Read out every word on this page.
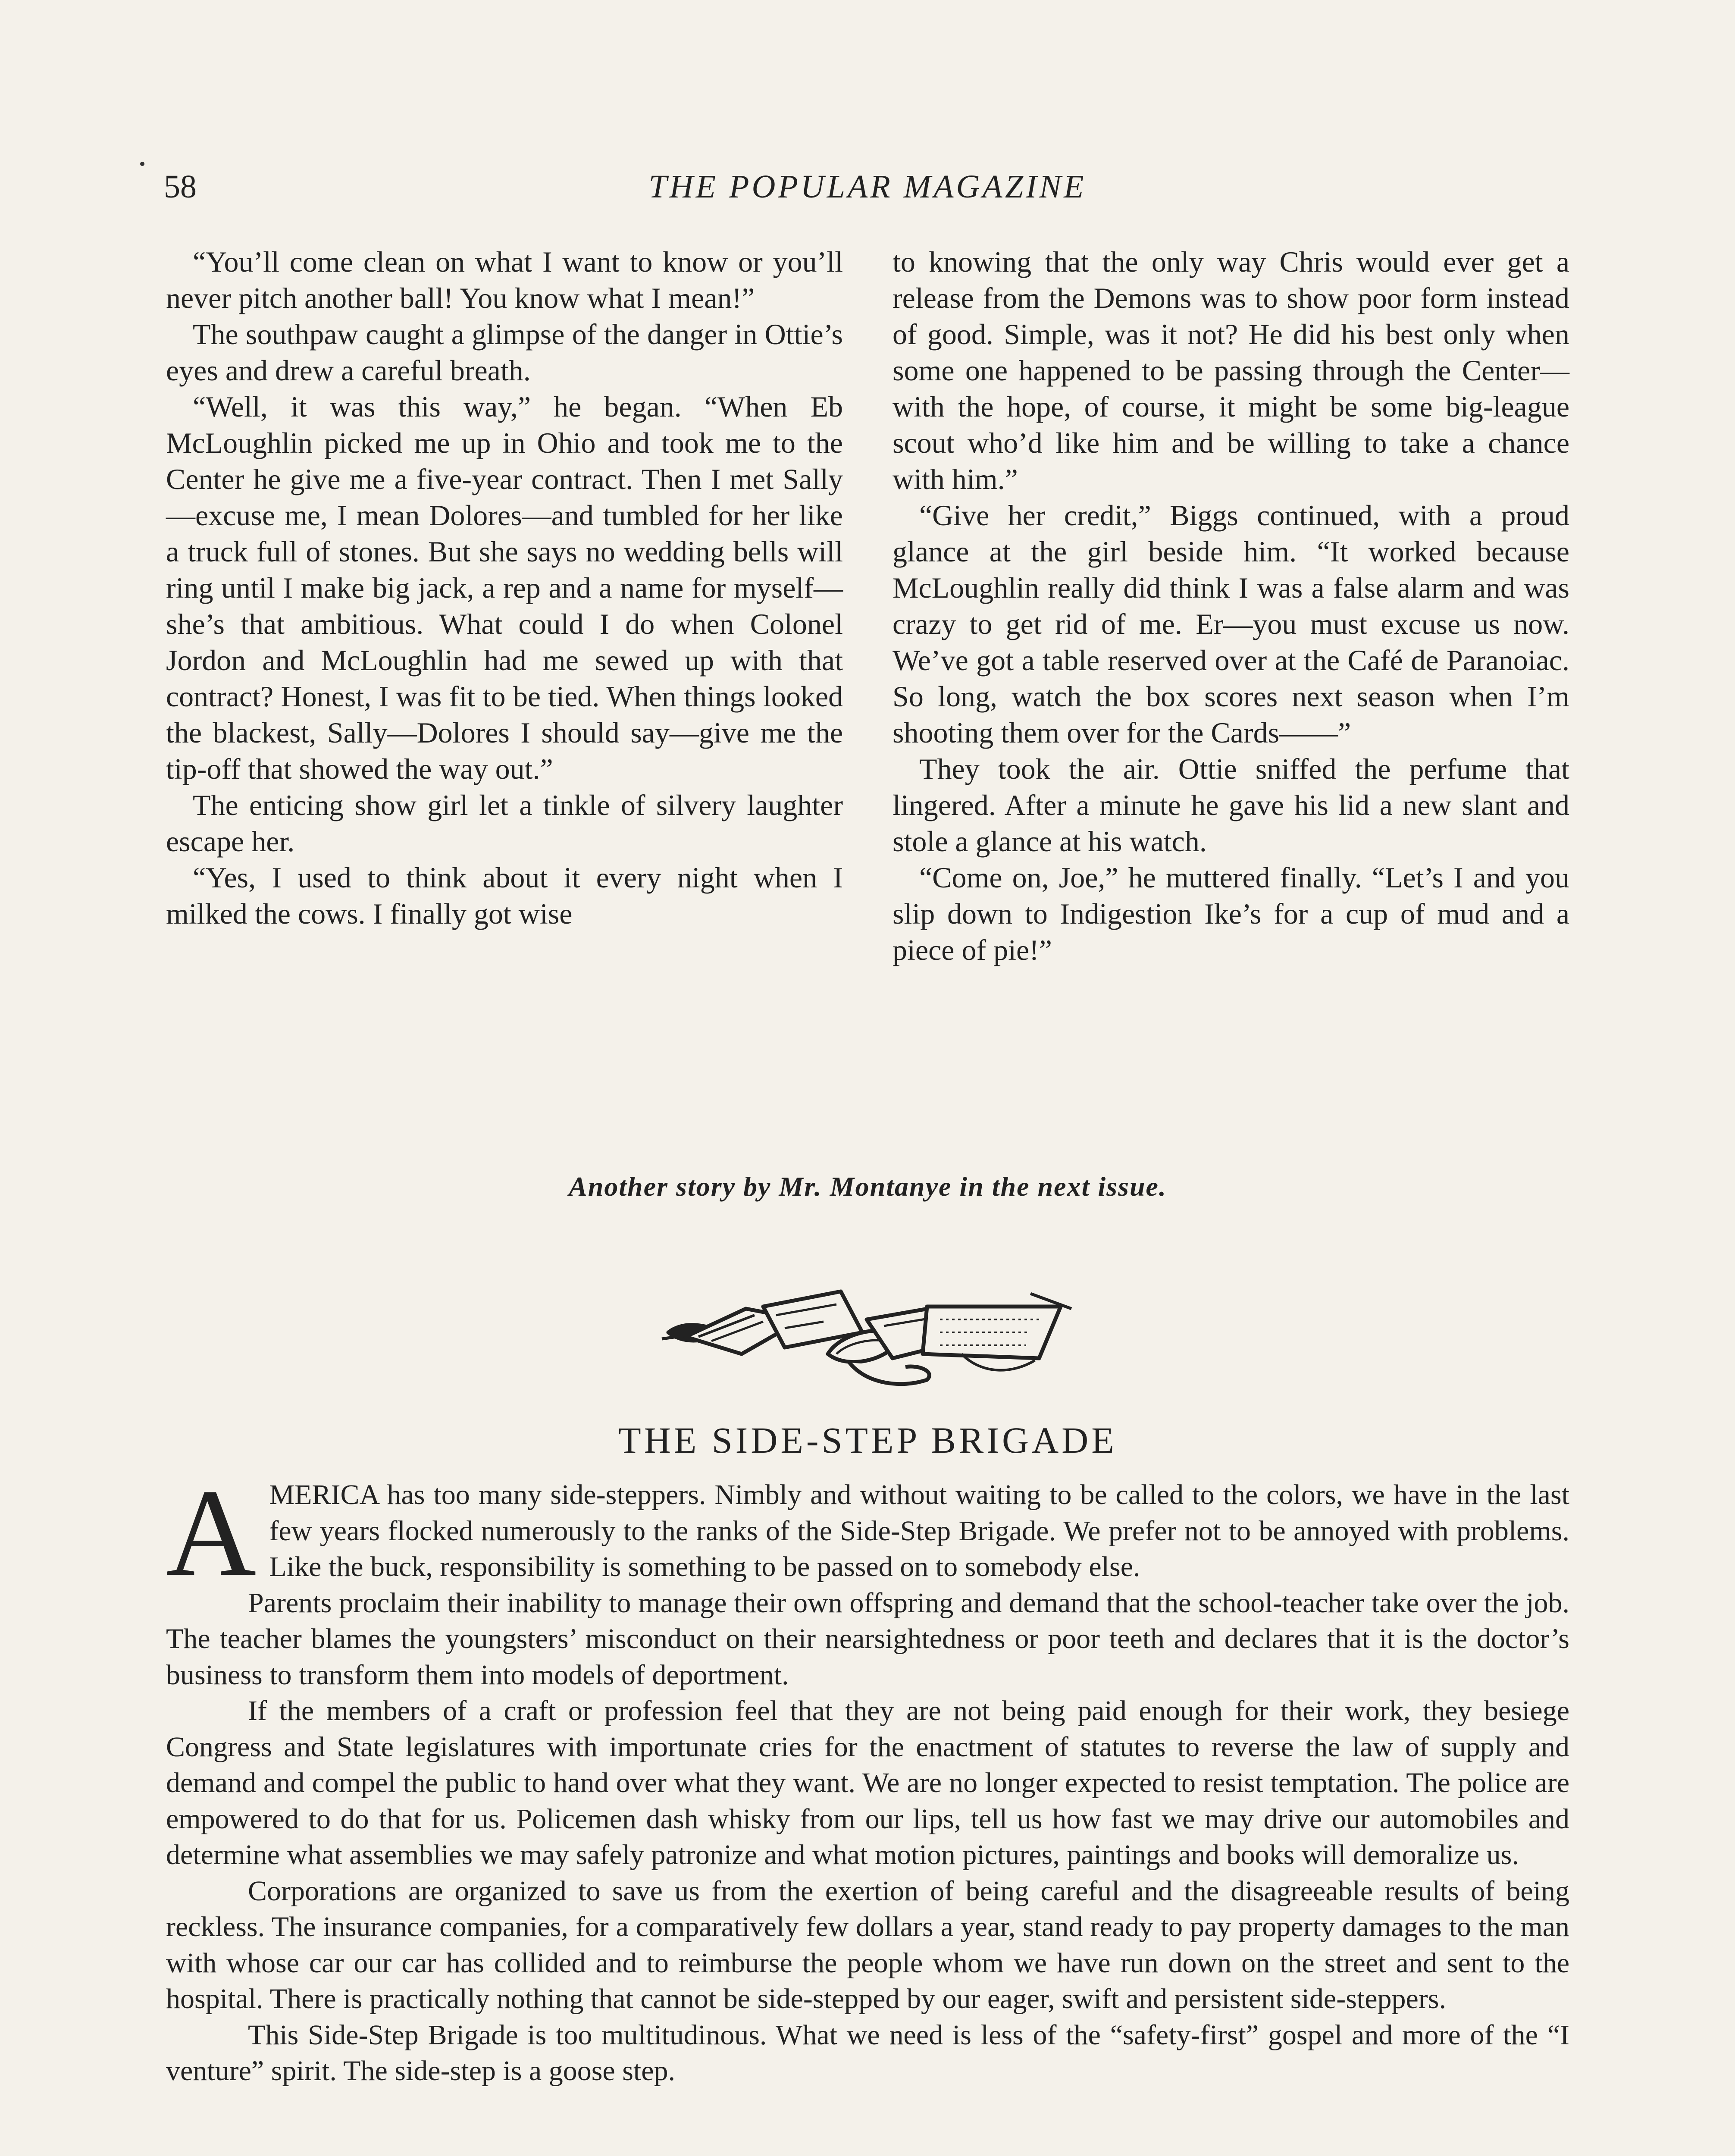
58	THE POPULAR MAGAZINE

“You’ll come clean on what I want to know or you’ll never pitch another ball! You know what I mean!”

The southpaw caught a glimpse of the danger in Ottie’s eyes and drew a careful breath.

“Well, it was this way,” he began. “When Eb McLoughlin picked me up in Ohio and took me to the Center he give me a five-year contract. Then I met Sally—excuse me, I mean Dolores—and tumbled for her like a truck full of stones. But she says no wedding bells will ring until I make big jack, a rep and a name for myself—she’s that ambitious. What could I do when Colonel Jordon and McLoughlin had me sewed up with that contract? Honest, I was fit to be tied. When things looked the blackest, Sally—Dolores I should say—give me the tip-off that showed the way out.”

The enticing show girl let a tinkle of silvery laughter escape her.

“Yes, I used to think about it every night when I milked the cows. I finally got wise

to knowing that the only way Chris would ever get a release from the Demons was to show poor form instead of good. Simple, was it not? He did his best only when some one happened to be passing through the Center—with the hope, of course, it might be some big-league scout who’d like him and be willing to take a chance with him.”

“Give her credit,” Biggs continued, with a proud glance at the girl beside him. “It worked because McLoughlin really did think I was a false alarm and was crazy to get rid of me. Er—you must excuse us now. We’ve got a table reserved over at the Café de Paranoiac. So long, watch the box scores next season when I’m shooting them over for the Cards——”

They took the air. Ottie sniffed the perfume that lingered. After a minute he gave his lid a new slant and stole a glance at his watch.

“Come on, Joe,” he muttered finally. “Let’s I and you slip down to Indigestion Ike’s for a cup of mud and a piece of pie!”

Another story by Mr. Montanye in the next issue.
THE SIDE-STEP BRIGADE

AMERICA has too many side-steppers. Nimbly and without waiting to be called to the colors, we have in the last few years flocked numerously to the ranks of the Side-Step Brigade. We prefer not to be annoyed with problems. Like the buck, responsibility is something to be passed on to somebody else.

Parents proclaim their inability to manage their own offspring and demand that the school-teacher take over the job. The teacher blames the youngsters’ misconduct on their nearsightedness or poor teeth and declares that it is the doctor’s business to transform them into models of deportment.

If the members of a craft or profession feel that they are not being paid enough for their work, they besiege Congress and State legislatures with importunate cries for the enactment of statutes to reverse the law of supply and demand and compel the public to hand over what they want. We are no longer expected to resist temptation. The police are empowered to do that for us. Policemen dash whisky from our lips, tell us how fast we may drive our automobiles and determine what assemblies we may safely patronize and what motion pictures, paintings and books will demoralize us.

Corporations are organized to save us from the exertion of being careful and the disagreeable results of being reckless. The insurance companies, for a comparatively few dollars a year, stand ready to pay property damages to the man with whose car our car has collided and to reimburse the people whom we have run down on the street and sent to the hospital. There is practically nothing that cannot be side-stepped by our eager, swift and persistent side-steppers.

This Side-Step Brigade is too multitudinous. What we need is less of the “safety-first” gospel and more of the “I venture” spirit. The side-step is a goose step.
